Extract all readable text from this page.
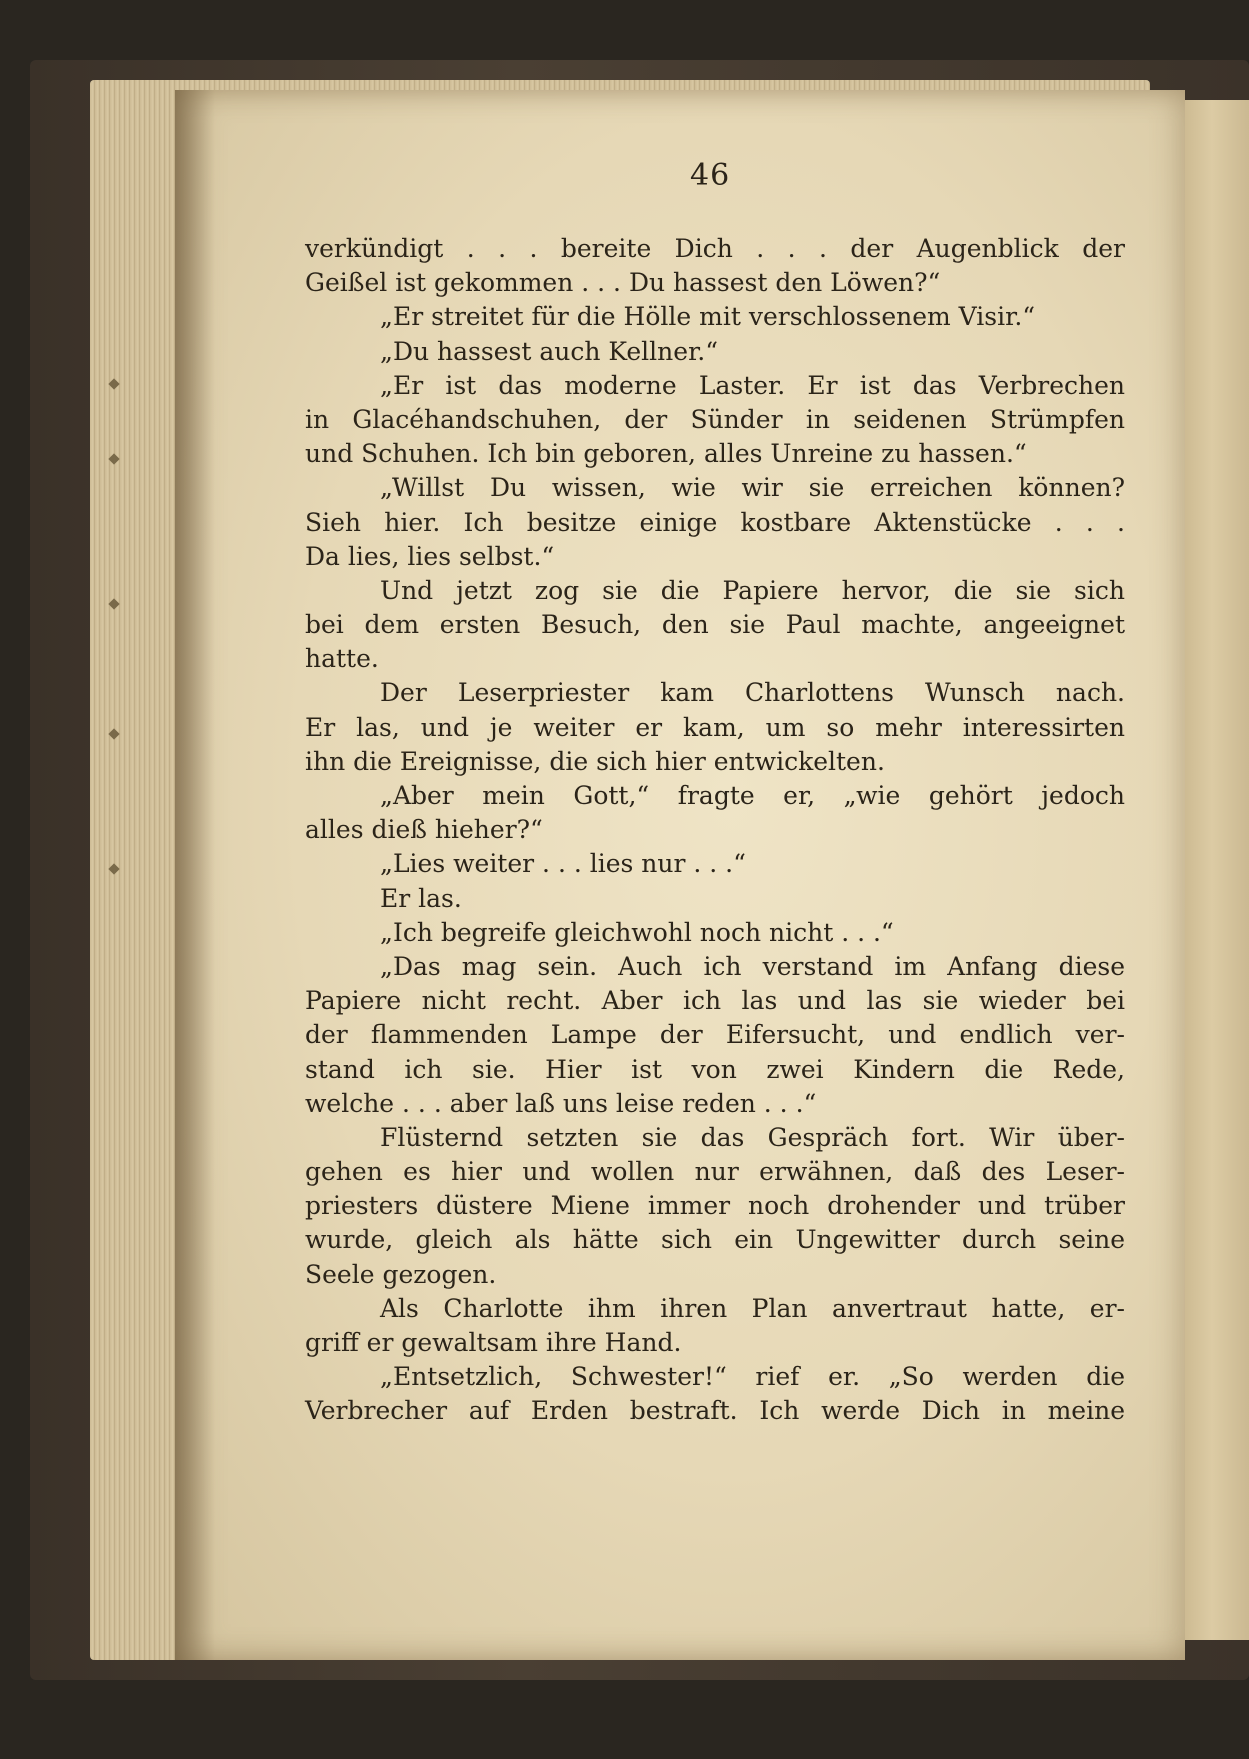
46
verkündigt . . . bereite Dich . . . der Augenblick der
Geißel ist gekommen . . . Du hassest den Löwen?“
„Er streitet für die Hölle mit verschlossenem Visir.“
„Du hassest auch Kellner.“
„Er ist das moderne Laster. Er ist das Verbrechen
in Glacéhandschuhen, der Sünder in seidenen Strümpfen
und Schuhen. Ich bin geboren, alles Unreine zu hassen.“
„Willst Du wissen, wie wir sie erreichen können?
Sieh hier. Ich besitze einige kostbare Aktenstücke . . .
Da lies, lies selbst.“
Und jetzt zog sie die Papiere hervor, die sie sich
bei dem ersten Besuch, den sie Paul machte, angeeignet
hatte.
Der Leserpriester kam Charlottens Wunsch nach.
Er las, und je weiter er kam, um so mehr interessirten
ihn die Ereignisse, die sich hier entwickelten.
„Aber mein Gott,“ fragte er, „wie gehört jedoch
alles dieß hieher?“
„Lies weiter . . . lies nur . . .“
Er las.
„Ich begreife gleichwohl noch nicht . . .“
„Das mag sein. Auch ich verstand im Anfang diese
Papiere nicht recht. Aber ich las und las sie wieder bei
der flammenden Lampe der Eifersucht, und endlich ver-
stand ich sie. Hier ist von zwei Kindern die Rede,
welche . . . aber laß uns leise reden . . .“
Flüsternd setzten sie das Gespräch fort. Wir über-
gehen es hier und wollen nur erwähnen, daß des Leser-
priesters düstere Miene immer noch drohender und trüber
wurde, gleich als hätte sich ein Ungewitter durch seine
Seele gezogen.
Als Charlotte ihm ihren Plan anvertraut hatte, er-
griff er gewaltsam ihre Hand.
„Entsetzlich, Schwester!“ rief er. „So werden die
Verbrecher auf Erden bestraft. Ich werde Dich in meine
